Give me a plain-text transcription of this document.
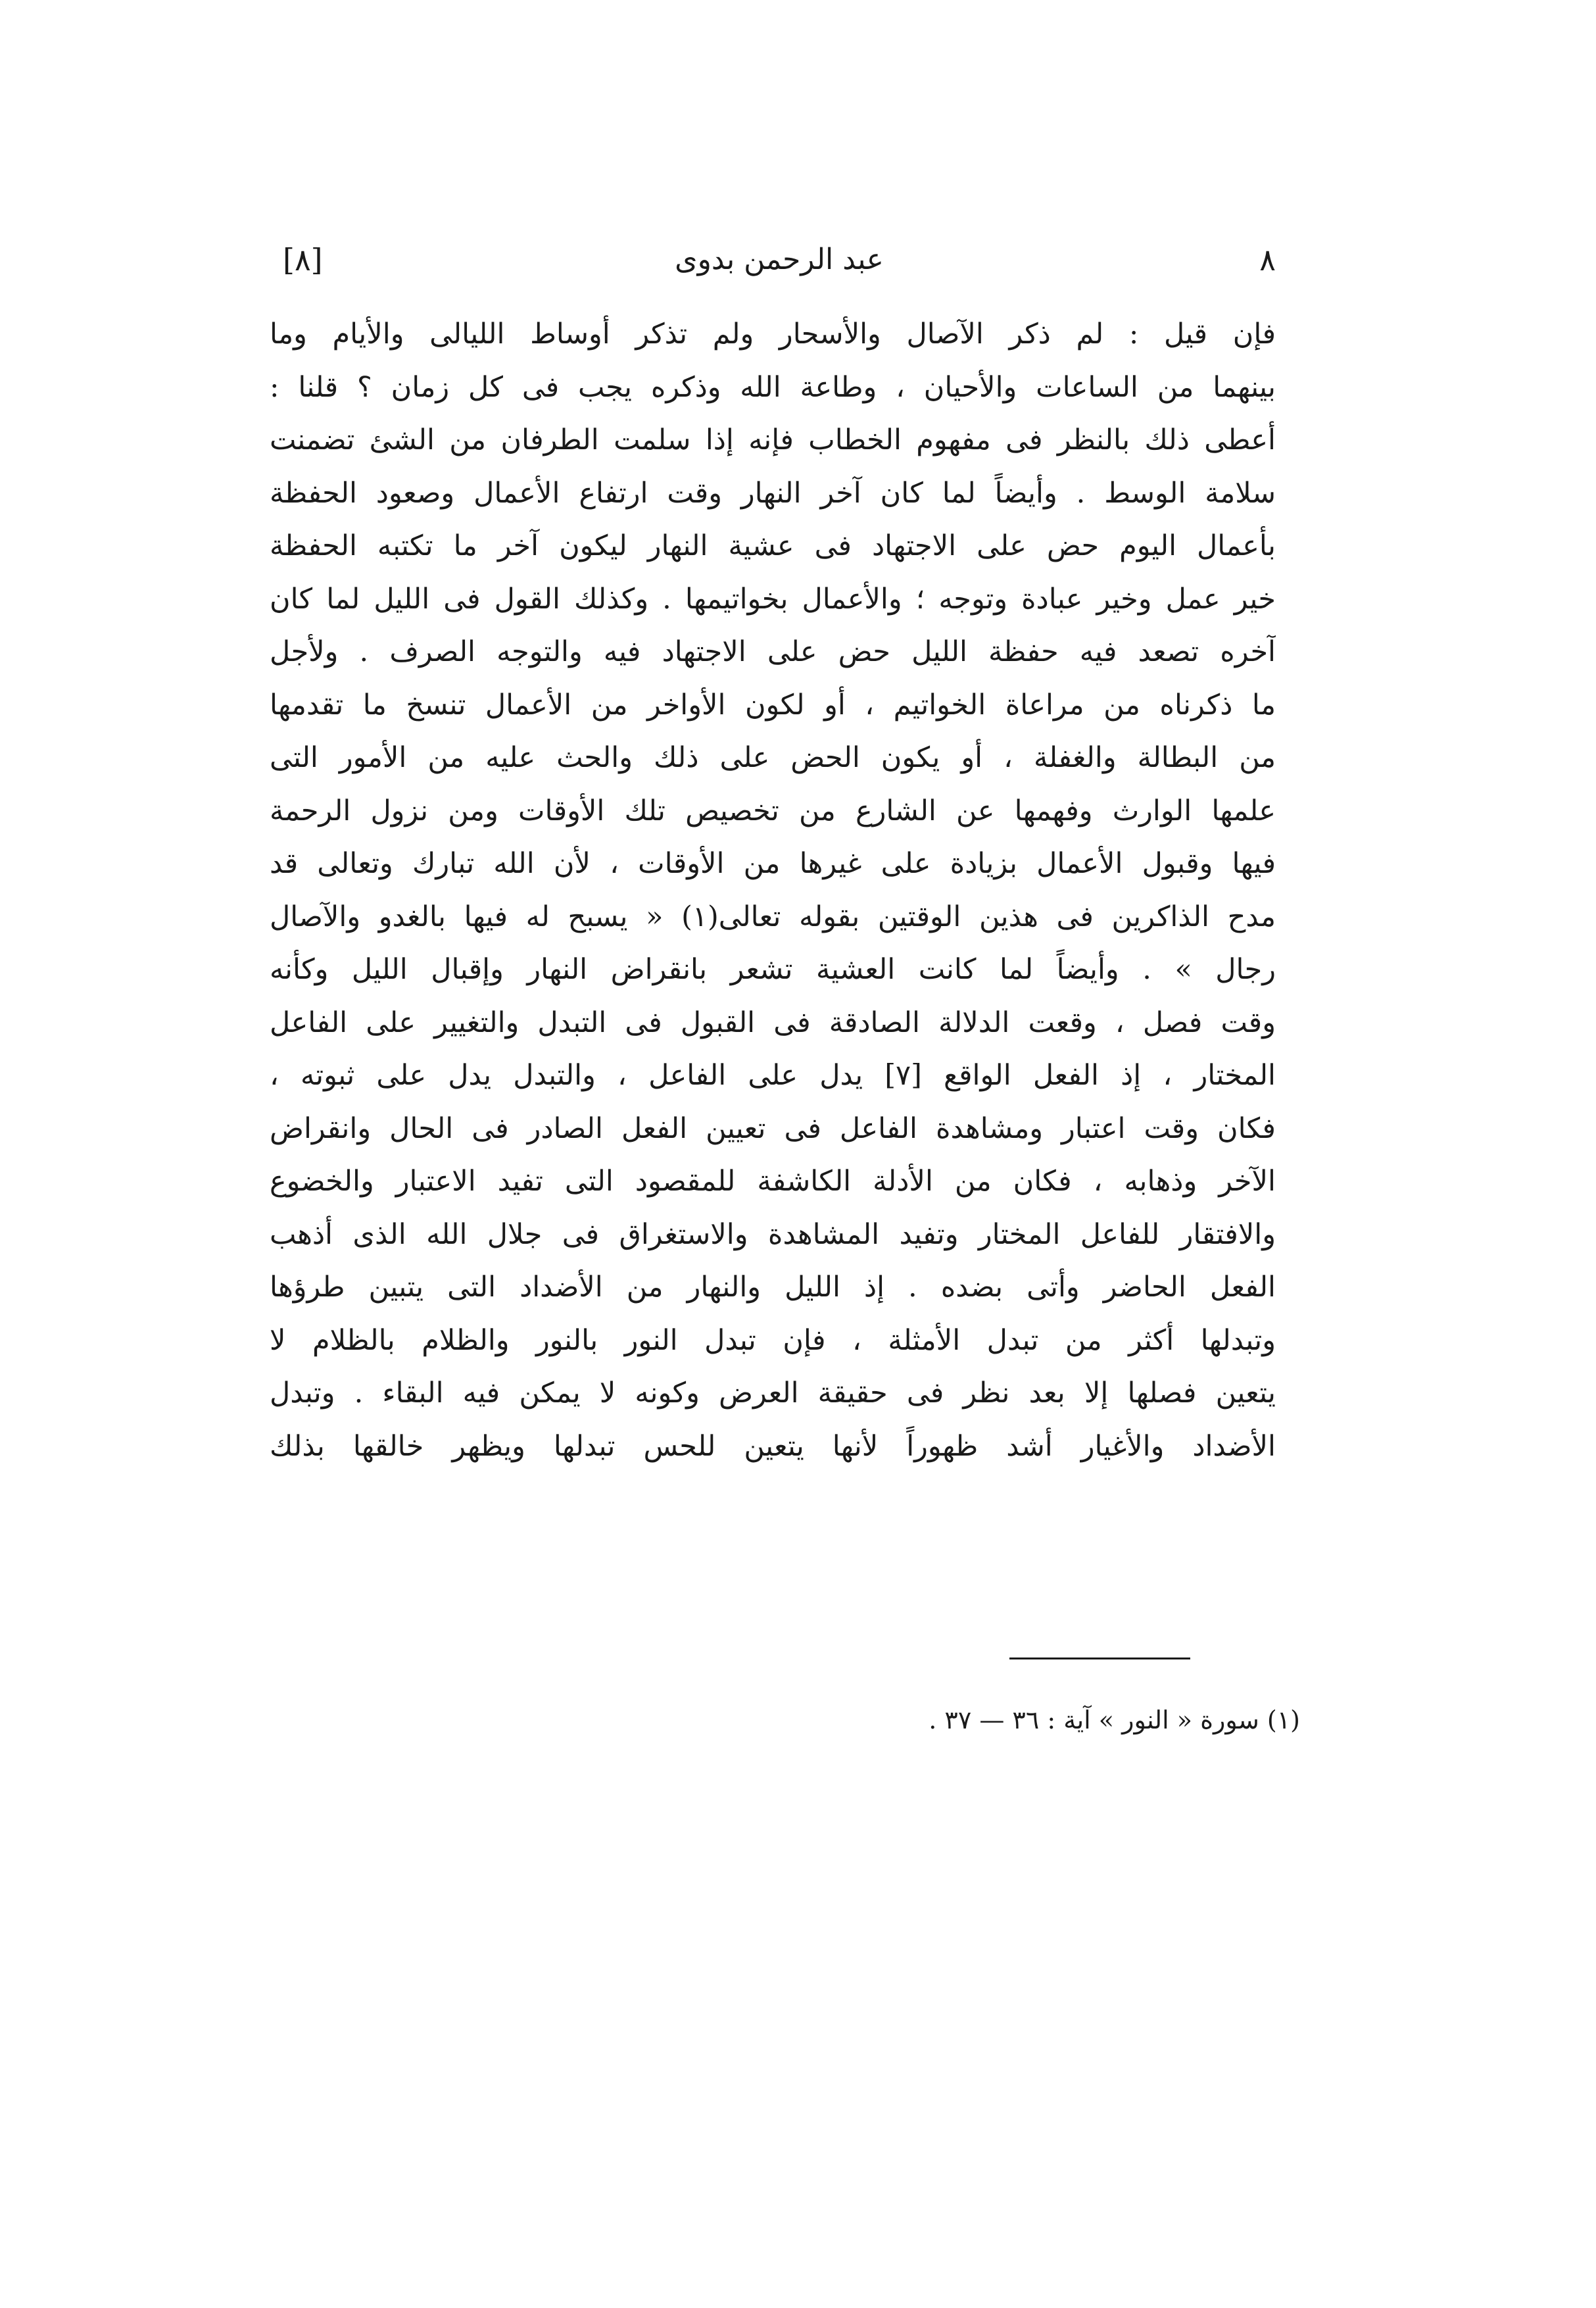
[٨]	عبد الرحمن بدوى	٨
فإن قيل : لم ذكر الآصال والأسحار ولم تذكر أوساط الليالى والأيام وما
بينهما من الساعات والأحيان ، وطاعة الله وذكره يجب فى كل زمان ؟ قلنا :
أعطى ذلك بالنظر فى مفهوم الخطاب فإنه إذا سلمت الطرفان من الشئ تضمنت
سلامة الوسط . وأيضاً لما كان آخر النهار وقت ارتفاع الأعمال وصعود الحفظة
بأعمال اليوم حض على الاجتهاد فى عشية النهار ليكون آخر ما تكتبه الحفظة
خير عمل وخير عبادة وتوجه ؛ والأعمال بخواتيمها . وكذلك القول فى الليل لما كان
آخره تصعد فيه حفظة الليل حض على الاجتهاد فيه والتوجه الصرف . ولأجل
ما ذكرناه من مراعاة الخواتيم ، أو لكون الأواخر من الأعمال تنسخ ما تقدمها
من البطالة والغفلة ، أو يكون الحض على ذلك والحث عليه من الأمور التى
علمها الوارث وفهمها عن الشارع من تخصيص تلك الأوقات ومن نزول الرحمة
فيها وقبول الأعمال بزيادة على غيرها من الأوقات ، لأن الله تبارك وتعالى قد
مدح الذاكرين فى هذين الوقتين بقوله تعالى(١) « يسبح له فيها بالغدو والآصال
رجال » . وأيضاً لما كانت العشية تشعر بانقراض النهار وإقبال الليل وكأنه
وقت فصل ، وقعت الدلالة الصادقة فى القبول فى التبدل والتغيير على الفاعل
المختار ، إذ الفعل الواقع [٧] يدل على الفاعل ، والتبدل يدل على ثبوته ،
فكان وقت اعتبار ومشاهدة الفاعل فى تعيين الفعل الصادر فى الحال وانقراض
الآخر وذهابه ، فكان من الأدلة الكاشفة للمقصود التى تفيد الاعتبار والخضوع
والافتقار للفاعل المختار وتفيد المشاهدة والاستغراق فى جلال الله الذى أذهب
الفعل الحاضر وأتى بضده . إذ الليل والنهار من الأضداد التى يتبين طرؤها
وتبدلها أكثر من تبدل الأمثلة ، فإن تبدل النور بالنور والظلام بالظلام لا
يتعين فصلها إلا بعد نظر فى حقيقة العرض وكونه لا يمكن فيه البقاء . وتبدل
الأضداد والأغيار أشد ظهوراً لأنها يتعين للحس تبدلها ويظهر خالقها بذلك
(١) سورة « النور » آية : ٣٦ — ٣٧ .
